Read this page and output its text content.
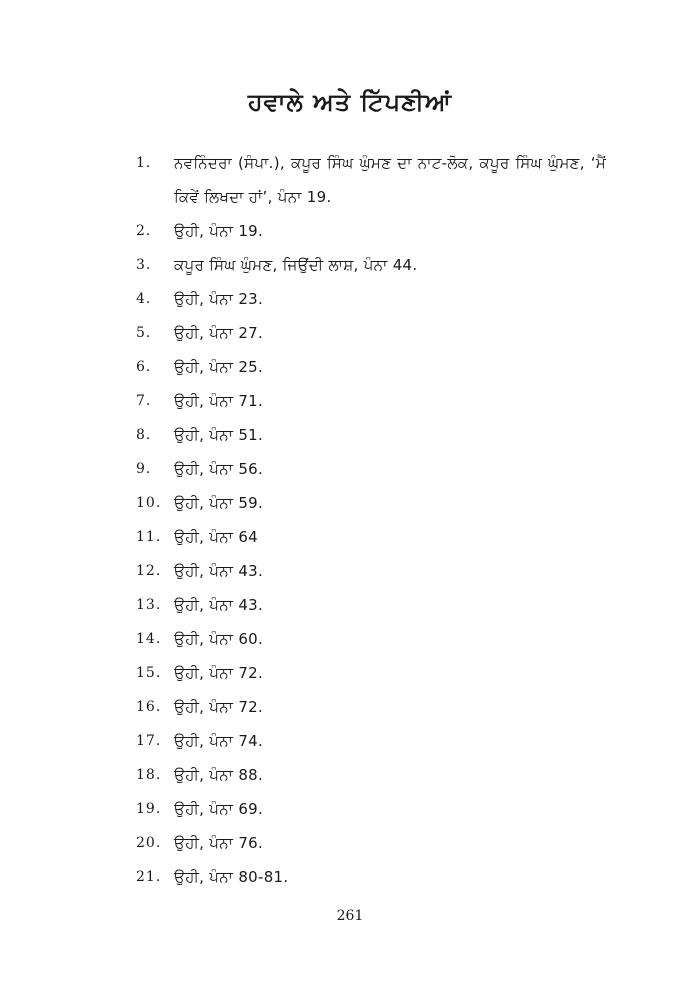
ਹਵਾਲੇ ਅਤੇ ਟਿੱਪਣੀਆਂ
1.	ਨਵਨਿੰਦਰਾ (ਸੰਪਾ.), ਕਪੂਰ ਸਿੰਘ ਘੁੰਮਣ ਦਾ ਨਾਟ-ਲੋਕ, ਕਪੂਰ ਸਿੰਘ ਘੁੰਮਣ, ‘ਮੈਂ ਕਿਵੇਂ ਲਿਖਦਾ ਹਾਂ’, ਪੰਨਾ 19.
2.	ਉਹੀ, ਪੰਨਾ 19.
3.	ਕਪੂਰ ਸਿੰਘ ਘੁੰਮਣ, ਜਿਉਂਦੀ ਲਾਸ਼, ਪੰਨਾ 44.
4.	ਉਹੀ, ਪੰਨਾ 23.
5.	ਉਹੀ, ਪੰਨਾ 27.
6.	ਉਹੀ, ਪੰਨਾ 25.
7.	ਉਹੀ, ਪੰਨਾ 71.
8.	ਉਹੀ, ਪੰਨਾ 51.
9.	ਉਹੀ, ਪੰਨਾ 56.
10. ਉਹੀ, ਪੰਨਾ 59.
11. ਉਹੀ, ਪੰਨਾ 64
12. ਉਹੀ, ਪੰਨਾ 43.
13. ਉਹੀ, ਪੰਨਾ 43.
14. ਉਹੀ, ਪੰਨਾ 60.
15. ਉਹੀ, ਪੰਨਾ 72.
16. ਉਹੀ, ਪੰਨਾ 72.
17. ਉਹੀ, ਪੰਨਾ 74.
18. ਉਹੀ, ਪੰਨਾ 88.
19. ਉਹੀ, ਪੰਨਾ 69.
20. ਉਹੀ, ਪੰਨਾ 76.
21. ਉਹੀ, ਪੰਨਾ 80-81.
261
